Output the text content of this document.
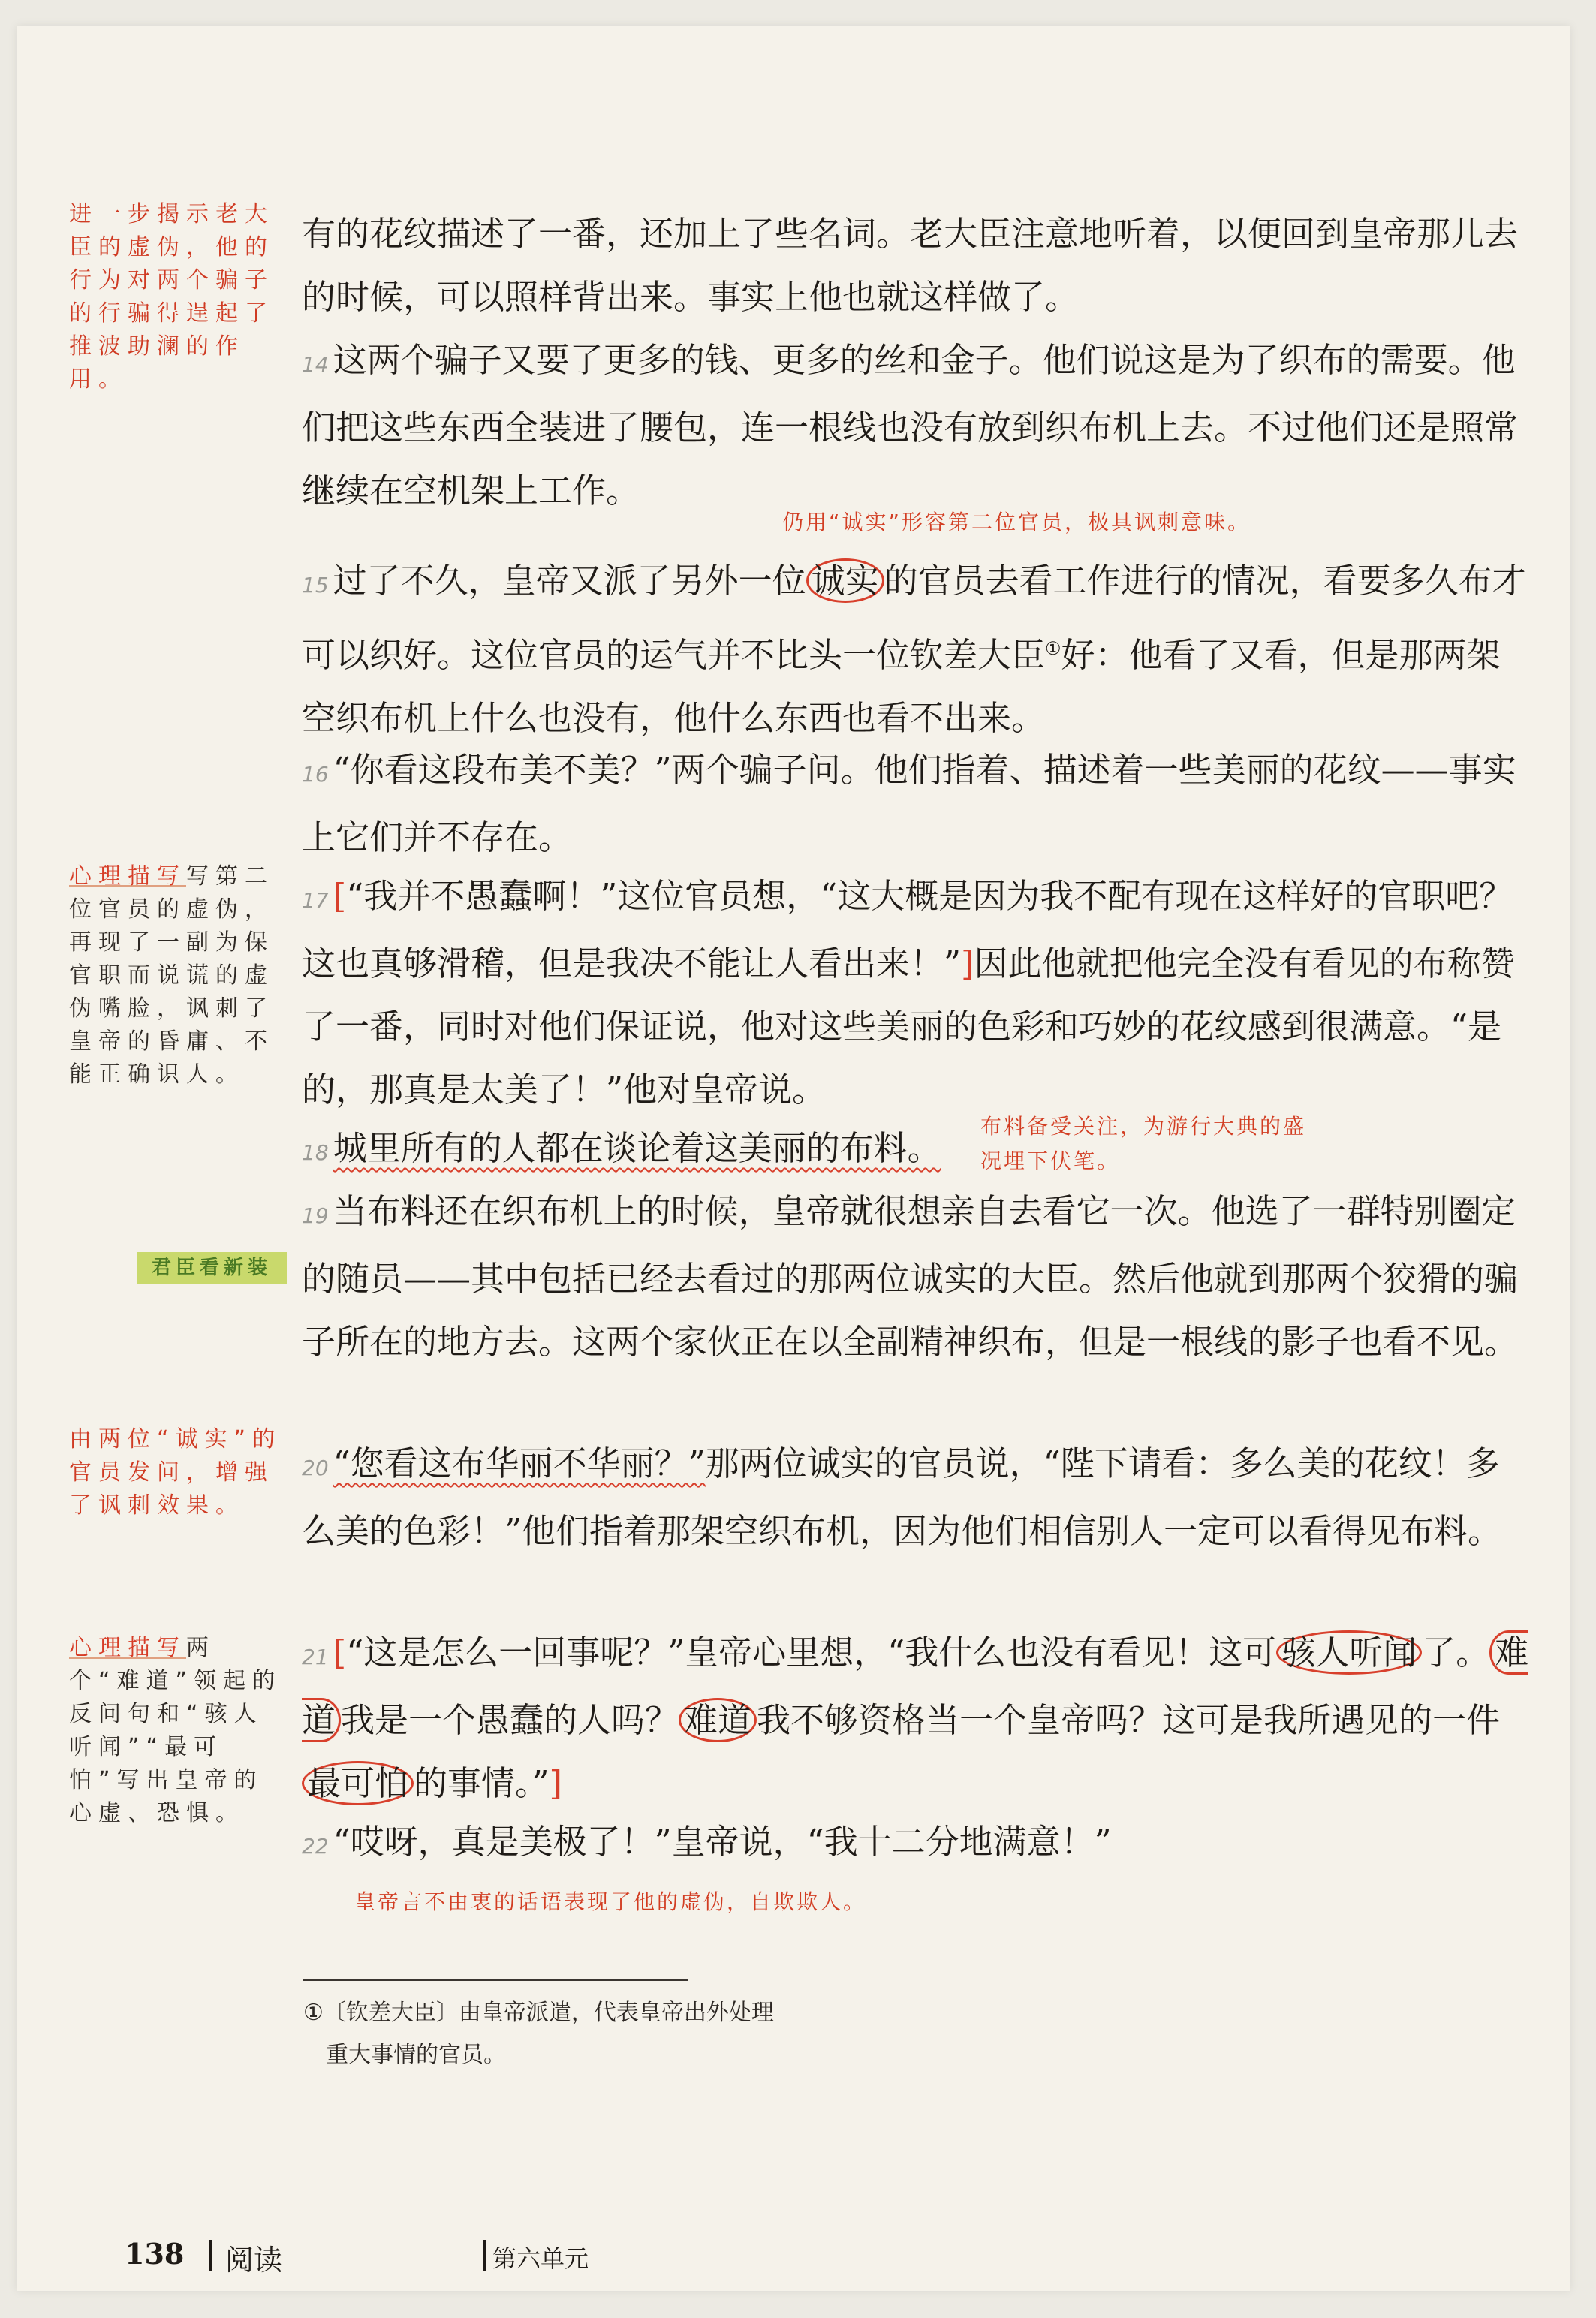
进一步揭示老大臣的虚伪，他的行为对两个骗子的行骗得逞起了推波助澜的作用。

心理描写写第二位官员的虚伪，再现了一副为保官职而说谎的虚伪嘴脸，讽刺了皇帝的昏庸、不能正确识人。

君臣看新装

由两位“诚实”的官员发问，增强了讽刺效果。

心理描写两个“难道”领起的反问句和“骇人听闻”“最可怕”写出皇帝的心虚、恐惧。

有的花纹描述了一番，还加上了些名词。老大臣注意地听着，以便回到皇帝那儿去的时候，可以照样背出来。事实上他也就这样做了。

14 这两个骗子又要了更多的钱、更多的丝和金子。他们说这是为了织布的需要。他们把这些东西全装进了腰包，连一根线也没有放到织布机上去。不过他们还是照常继续在空机架上工作。

仍用“诚实”形容第二位官员，极具讽刺意味。

15 过了不久，皇帝又派了另外一位 诚实 的官员去看工作进行的情况，看要多久布才可以织好。这位官员的运气并不比头一位钦差大臣①好：他看了又看，但是那两架空织布机上什么也没有，他什么东西也看不出来。

16 “你看这段布美不美？”两个骗子问。他们指着、描述着一些美丽的花纹——事实上它们并不存在。

17 [“我并不愚蠢啊！”这位官员想，“这大概是因为我不配有现在这样好的官职吧？这也真够滑稽，但是我决不能让人看出来！”]因此他就把他完全没有看见的布称赞了一番，同时对他们保证说，他对这些美丽的色彩和巧妙的花纹感到很满意。“是的，那真是太美了！”他对皇帝说。

18 城里所有的人都在谈论着这美丽的布料。

布料备受关注，为游行大典的盛况埋下伏笔。

19 当布料还在织布机上的时候，皇帝就很想亲自去看它一次。他选了一群特别圈定的随员——其中包括已经去看过的那两位诚实的大臣。然后他就到那两个狡猾的骗子所在的地方去。这两个家伙正在以全副精神织布，但是一根线的影子也看不见。

20 “您看这布华丽不华丽？”那两位诚实的官员说，“陛下请看：多么美的花纹！多么美的色彩！”他们指着那架空织布机，因为他们相信别人一定可以看得见布料。

21 [“这是怎么一回事呢？”皇帝心里想，“我什么也没有看见！这可 骇人听闻 了。 难道 我是一个愚蠢的人吗？ 难道 我不够资格当一个皇帝吗？这可是我所遇见的一件最可怕 的事情。”]

22 “哎呀，真是美极了！”皇帝说，“我十二分地满意！”

皇帝言不由衷的话语表现了他的虚伪，自欺欺人。

①〔钦差大臣〕由皇帝派遣，代表皇帝出外处理

重大事情的官员。

138 阅读	第六单元
